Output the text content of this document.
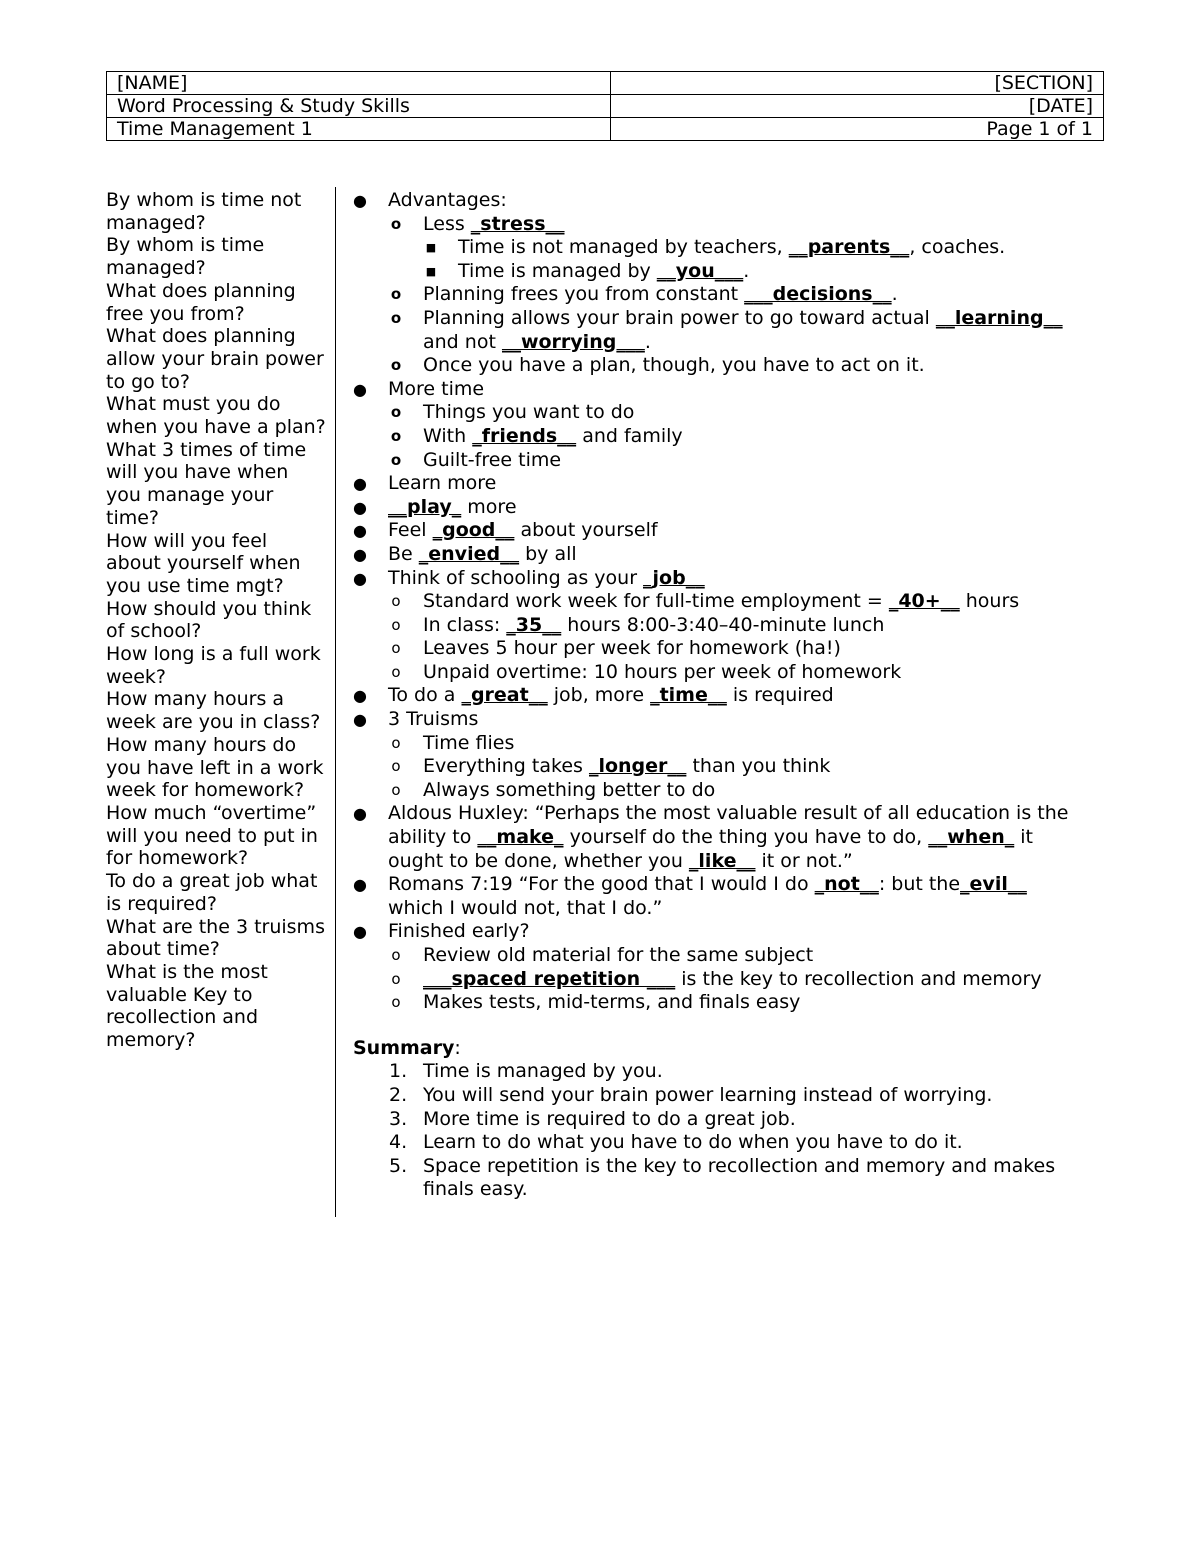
[NAME]	[SECTION]
Word Processing & Study Skills	[DATE]
Time Management 1	Page 1 of 1

By whom is time not managed?

By whom is time managed?

What does planning free you from?

What does planning allow your brain power to go to?

What must you do when you have a plan?

What 3 times of time will you have when you manage your time?

How will you feel about yourself when you use time mgt?

How should you think of school?

How long is a full work week?

How many hours a week are you in class?

How many hours do you have left in a work week for homework?

How much “overtime” will you need to put in for homework?

To do a great job what is required?

What are the 3 truisms about time?

What is the most valuable Key to recollection and memory?

● Advantages:
o Less _stress__
■ Time is not managed by teachers, __parents__, coaches.
■ Time is managed by __you___.
o Planning frees you from constant ___decisions__.
o Planning allows your brain power to go toward actual __learning__
and not __worrying___.
o Once you have a plan, though, you have to act on it.
● More time
o Things you want to do
o With _friends__ and family
o Guilt-free time
● Learn more
● __play_ more
● Feel _good__ about yourself
● Be _envied__ by all
● Think of schooling as your _job__
o Standard work week for full-time employment = _40+__ hours
o In class: _35__ hours 8:00-3:40–40-minute lunch
o Leaves 5 hour per week for homework (ha!)
o Unpaid overtime: 10 hours per week of homework
● To do a _great__ job, more _time__ is required
● 3 Truisms
o Time flies
o Everything takes _longer__ than you think
o Always something better to do
● Aldous Huxley: “Perhaps the most valuable result of all education is the
ability to __make_ yourself do the thing you have to do, __when_ it
ought to be done, whether you _like__ it or not.”
● Romans 7:19 “For the good that I would I do _not__: but the_evil__
which I would not, that I do.”
● Finished early?
o Review old material for the same subject
o ___spaced repetition ___ is the key to recollection and memory
o Makes tests, mid-terms, and finals easy
Summary:
1. Time is managed by you.
2. You will send your brain power learning instead of worrying.
3. More time is required to do a great job.
4. Learn to do what you have to do when you have to do it.
5. Space repetition is the key to recollection and memory and makes
finals easy.
